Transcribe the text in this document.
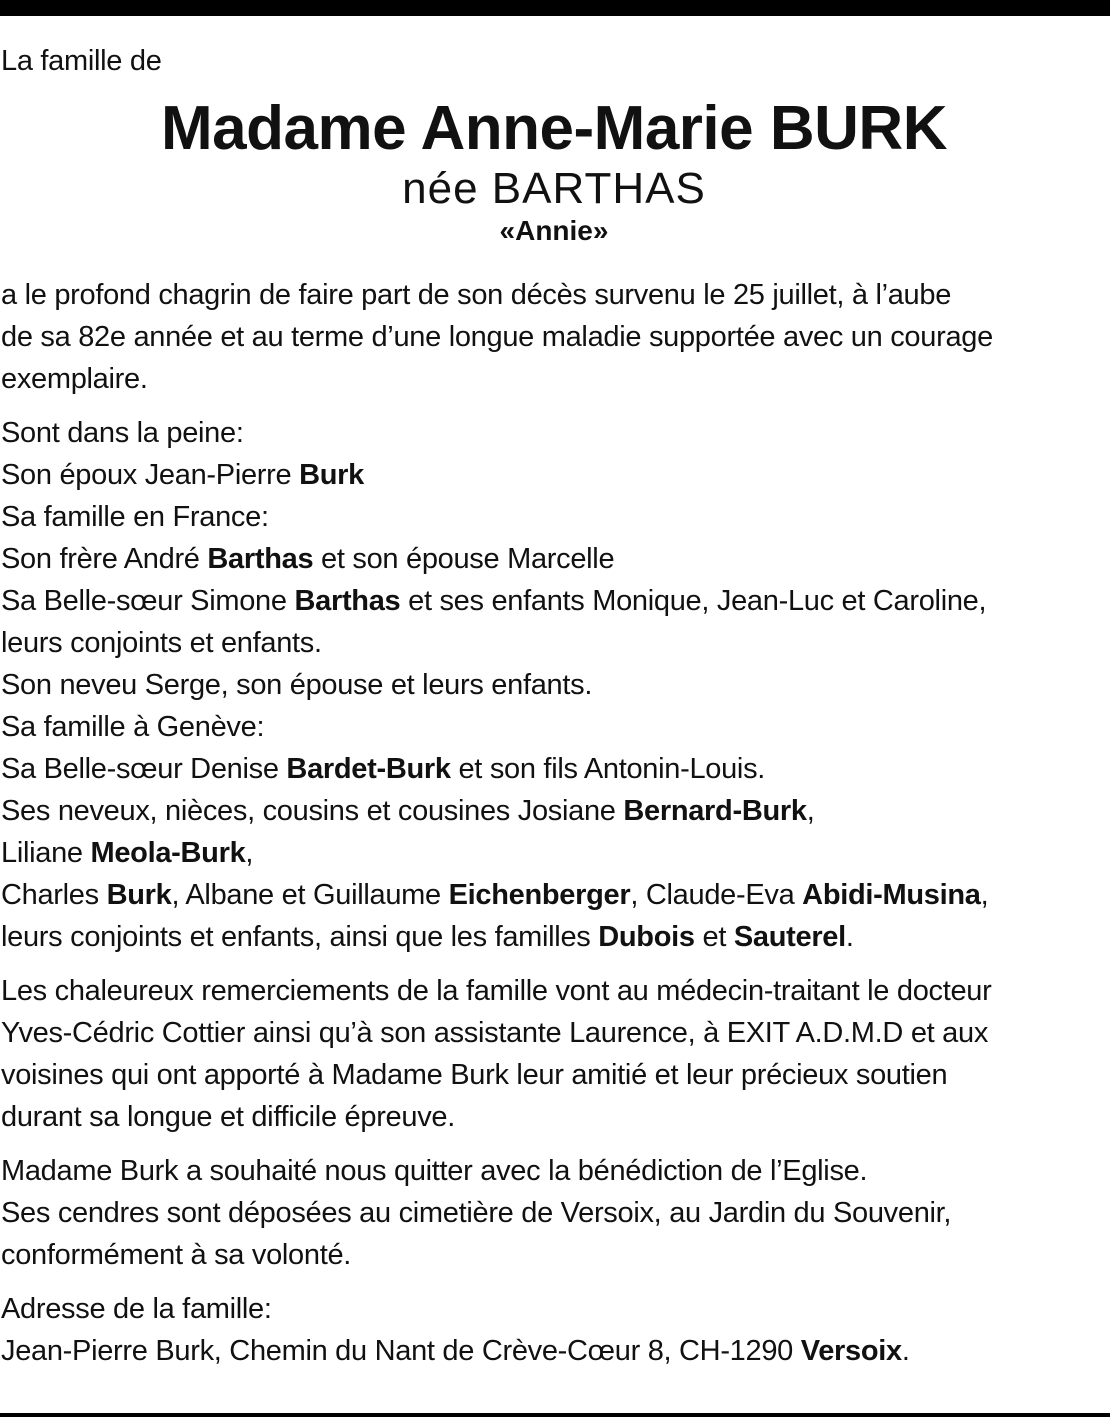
La famille de

Madame Anne-Marie BURK

née BARTHAS

«Annie»

a le profond chagrin de faire part de son décès survenu le 25 juillet, à l’aube

de sa 82e année et au terme d’une longue maladie supportée avec un courage

exemplaire.

Sont dans la peine:

Son époux Jean-Pierre Burk

Sa famille en France:

Son frère André Barthas et son épouse Marcelle

Sa Belle-sœur Simone Barthas et ses enfants Monique, Jean-Luc et Caroline,

leurs conjoints et enfants.

Son neveu Serge, son épouse et leurs enfants.

Sa famille à Genève:

Sa Belle-sœur Denise Bardet-Burk et son fils Antonin-Louis.

Ses neveux, nièces, cousins et cousines Josiane Bernard-Burk,

Liliane Meola-Burk,

Charles Burk, Albane et Guillaume Eichenberger, Claude-Eva Abidi-Musina,

leurs conjoints et enfants, ainsi que les familles Dubois et Sauterel.

Les chaleureux remerciements de la famille vont au médecin-traitant le docteur

Yves-Cédric Cottier ainsi qu’à son assistante Laurence, à EXIT A.D.M.D et aux

voisines qui ont apporté à Madame Burk leur amitié et leur précieux soutien

durant sa longue et difficile épreuve.

Madame Burk a souhaité nous quitter avec la bénédiction de l’Eglise.

Ses cendres sont déposées au cimetière de Versoix, au Jardin du Souvenir,

conformément à sa volonté.

Adresse de la famille:

Jean-Pierre Burk, Chemin du Nant de Crève-Cœur 8, CH-1290 Versoix.
